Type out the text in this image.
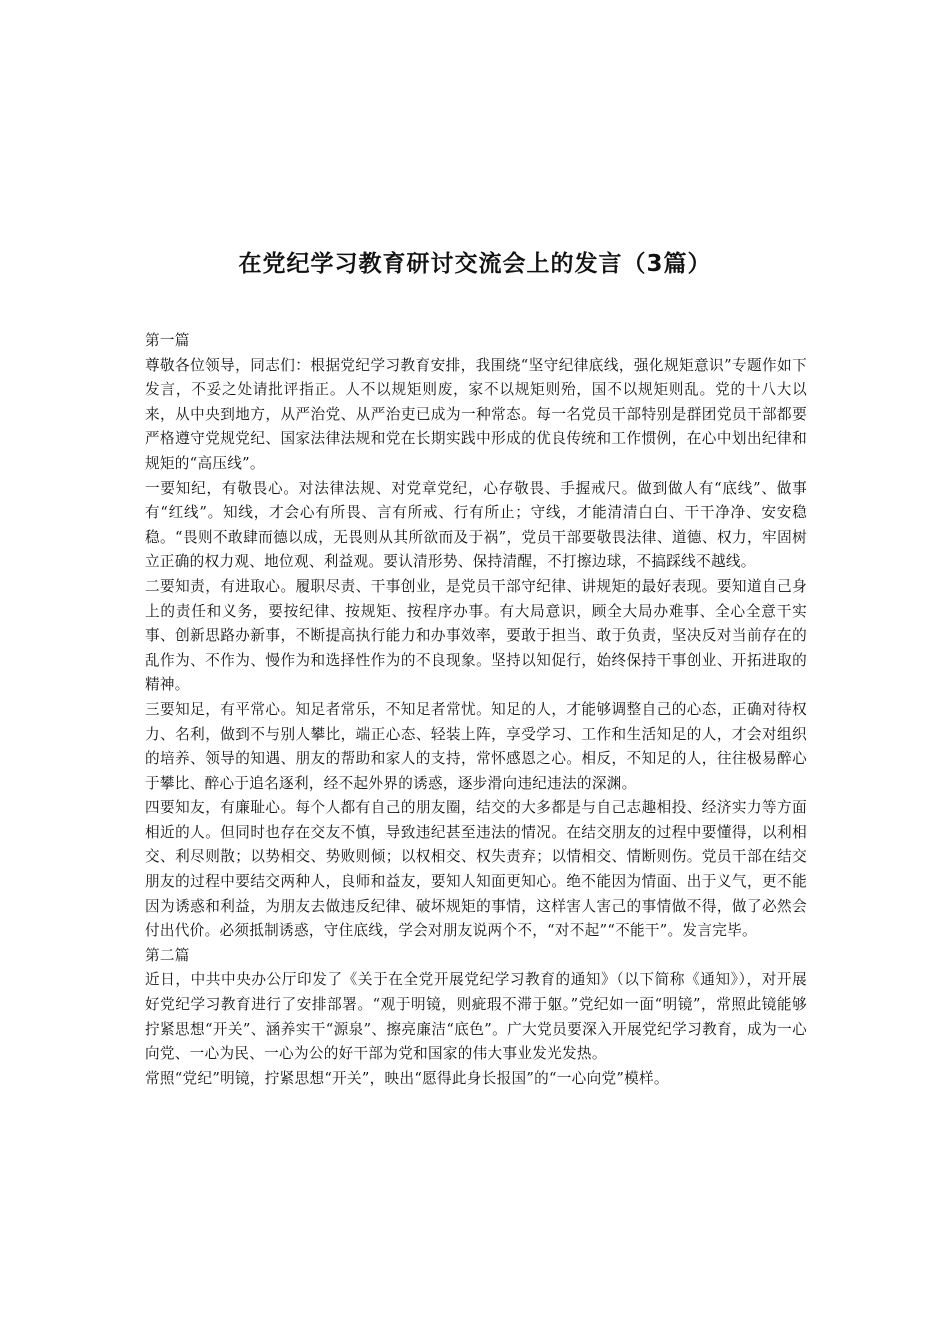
在党纪学习教育研讨交流会上的发言（3篇）

第一篇

尊敬各位领导，同志们：根据党纪学习教育安排，我围绕“坚守纪律底线，强化规矩意识”专题作如下发言，不妥之处请批评指正。人不以规矩则废，家不以规矩则殆，国不以规矩则乱。党的十八大以来，从中央到地方，从严治党、从严治吏已成为一种常态。每一名党员干部特别是群团党员干部都要严格遵守党规党纪、国家法律法规和党在长期实践中形成的优良传统和工作惯例，在心中划出纪律和规矩的“高压线”。

一要知纪，有敬畏心。对法律法规、对党章党纪，心存敬畏、手握戒尺。做到做人有“底线”、做事有“红线”。知线，才会心有所畏、言有所戒、行有所止；守线，才能清清白白、干干净净、安安稳稳。“畏则不敢肆而德以成，无畏则从其所欲而及于祸”，党员干部要敬畏法律、道德、权力，牢固树立正确的权力观、地位观、利益观。要认清形势、保持清醒，不打擦边球，不搞踩线不越线。

二要知责，有进取心。履职尽责、干事创业，是党员干部守纪律、讲规矩的最好表现。要知道自己身上的责任和义务，要按纪律、按规矩、按程序办事。有大局意识，顾全大局办难事、全心全意干实事、创新思路办新事，不断提高执行能力和办事效率，要敢于担当、敢于负责，坚决反对当前存在的乱作为、不作为、慢作为和选择性作为的不良现象。坚持以知促行，始终保持干事创业、开拓进取的精神。

三要知足，有平常心。知足者常乐，不知足者常忧。知足的人，才能够调整自己的心态，正确对待权力、名利，做到不与别人攀比，端正心态、轻装上阵，享受学习、工作和生活知足的人，才会对组织的培养、领导的知遇、朋友的帮助和家人的支持，常怀感恩之心。相反，不知足的人，往往极易醉心于攀比、醉心于追名逐利，经不起外界的诱惑，逐步滑向违纪违法的深渊。

四要知友，有廉耻心。每个人都有自己的朋友圈，结交的大多都是与自己志趣相投、经济实力等方面相近的人。但同时也存在交友不慎，导致违纪甚至违法的情况。在结交朋友的过程中要懂得，以利相交、利尽则散；以势相交、势败则倾；以权相交、权失责弃；以情相交、情断则伤。党员干部在结交朋友的过程中要结交两种人，良师和益友，要知人知面更知心。绝不能因为情面、出于义气，更不能因为诱惑和利益，为朋友去做违反纪律、破坏规矩的事情，这样害人害己的事情做不得，做了必然会付出代价。必须抵制诱惑，守住底线，学会对朋友说两个不，“对不起”“不能干”。发言完毕。

第二篇

近日，中共中央办公厅印发了《关于在全党开展党纪学习教育的通知》（以下简称《通知》），对开展好党纪学习教育进行了安排部署。“观于明镜，则疵瑕不滞于躯。”党纪如一面“明镜”，常照此镜能够拧紧思想“开关”、涵养实干“源泉”、擦亮廉洁“底色”。广大党员要深入开展党纪学习教育，成为一心向党、一心为民、一心为公的好干部为党和国家的伟大事业发光发热。

常照“党纪”明镜，拧紧思想“开关”，映出“愿得此身长报国”的“一心向党”模样。
